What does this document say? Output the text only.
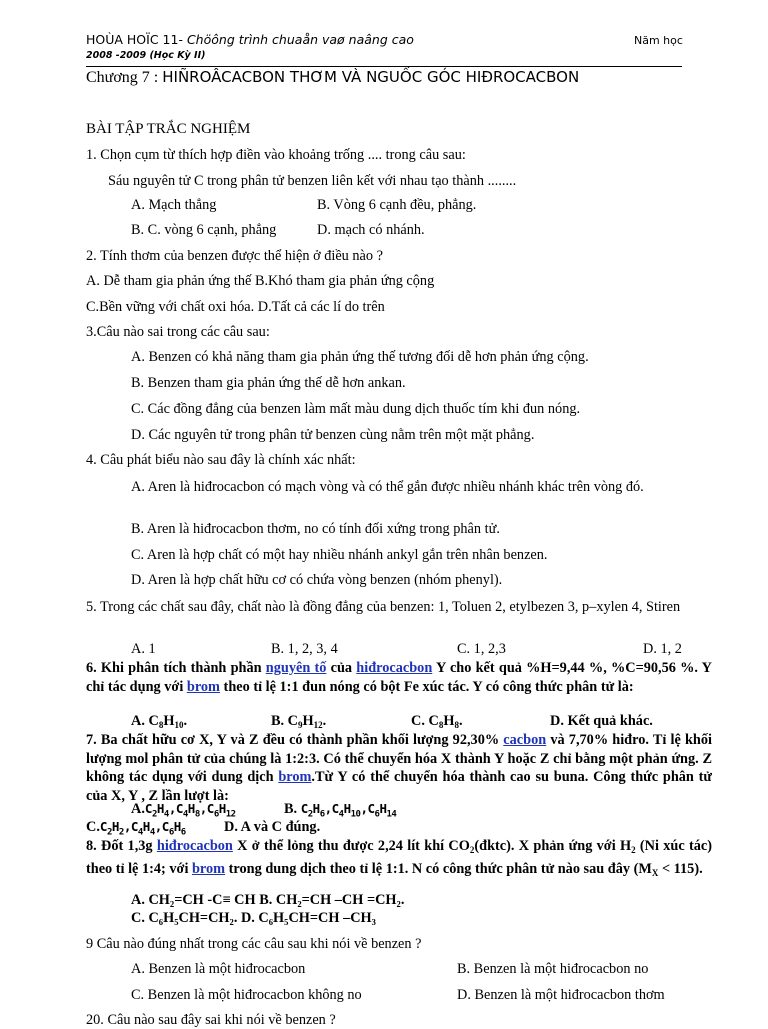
HOÙA HOÏC 11- Chöông trình chuaån vaø naâng cao	Năm học
2008 -2009 (Học Kỳ II)
Chương 7 : HIÑROÂCACBON THƠM VÀ NGUỐC GÓC HIĐROCACBON
BÀI TẬP TRẮC NGHIỆM
1. Chọn cụm từ thích hợp điền vào khoảng trống .... trong câu sau:
Sáu nguyên tử C trong phân tử benzen liên kết với nhau tạo thành ........
A. Mạch thẳng	B. Vòng 6 cạnh đều, phẳng.
B. C. vòng 6 cạnh, phẳng	D. mạch có nhánh.
2. Tính thơm của benzen được thể hiện ở điều nào ?
A. Dễ tham gia phản ứng thế B.Khó tham gia phản ứng cộng
C.Bền vững với chất oxi hóa. D.Tất cả các lí do trên
3.Câu nào sai trong các câu sau:
A. Benzen có khả năng tham gia phản ứng thế tương đối dễ hơn phản ứng cộng.
B. Benzen tham gia phản ứng thế dễ hơn ankan.
C. Các đồng đẳng của benzen làm mất màu dung dịch thuốc tím khi đun nóng.
D. Các nguyên tử trong phân tử benzen cùng nằm trên một mặt phẳng.
4. Câu phát biểu nào sau đây là chính xác nhất:
A. Aren là hiđrocacbon có mạch vòng và có thể gắn được nhiều nhánh khác trên vòng đó.
B. Aren là hiđrocacbon thơm, no có tính đối xứng trong phân tử.
C. Aren là hợp chất có một hay nhiều nhánh ankyl gắn trên nhân benzen.
D. Aren là hợp chất hữu cơ có chứa vòng benzen (nhóm phenyl).
5. Trong các chất sau đây, chất nào là đồng đẳng của benzen: 1, Toluen 2, etylbezen 3, p–xylen 4, Stiren
A. 1	B. 1, 2, 3, 4	C. 1, 2,3	D. 1, 2
6. Khi phân tích thành phần nguyên tố của hiđrocacbon Y cho kết quả %H=9,44 %, %C=90,56 %. Y chỉ tác dụng với brom theo tỉ lệ 1:1 đun nóng có bột Fe xúc tác. Y có công thức phân tử là:
A. $C_8H_{10}$.	B. $C_9H_{12}$.	C. $C_8H_8$.	D. Kết quả khác.
7. Ba chất hữu cơ X, Y và Z đều có thành phần khối lượng 92,30% cacbon và 7,70% hiđro. Tỉ lệ khối lượng mol phân tử của chúng là 1:2:3. Có thể chuyển hóa X thành Y hoặc Z chỉ bằng một phản ứng. Z không tác dụng với dung dịch brom.Từ Y có thể chuyển hóa thành cao su buna. Công thức phân tử của X, Y , Z lần lượt là:
$A.C_2H_4,C_4H_8,C_6H_{12}$	B. $C_2H_6,C_4H_{10},C_6H_{14}$
$C.C_2H_2,C_4H_4,C_6H_6$	D. A và C đúng.
8. Đốt 1,3g hiđrocacbon X ở thể lỏng thu được 2,24 lít khí $CO_2(đktc)$. X phản ứng với $H_2$ (Ni xúc tác) theo tỉ lệ 1:4; với brom trong dung dịch theo tỉ lệ 1:1. N có công thức phân tử nào sau đây $(M_X < 115)$.
A. CH₂=CH -C≡ CH B. CH₂=CH –CH =CH₂.
C. C₆H₅CH=CH₂. D. C₆H₅CH=CH –CH₃
9 Câu nào đúng nhất trong các câu sau khi nói về benzen ?
A. Benzen là một hiđrocacbon	B. Benzen là một hiđrocacbon no
C. Benzen là một hiđrocacbon không no	D. Benzen là một hiđrocacbon thơm
20. Câu nào sau đây sai khi nói về benzen ?
